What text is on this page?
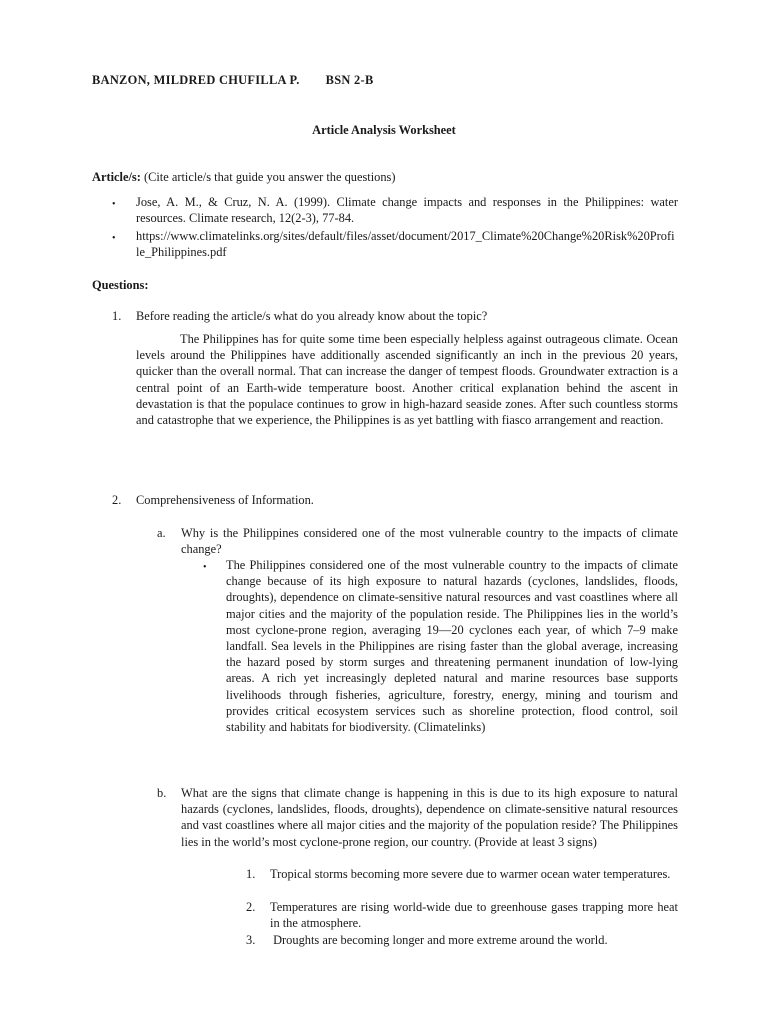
BANZON, MILDRED CHUFILLA P. BSN 2-B
Article Analysis Worksheet
Article/s: (Cite article/s that guide you answer the questions)
• Jose, A. M., & Cruz, N. A. (1999). Climate change impacts and responses in the Philippines: water resources. Climate research, 12(2-3), 77-84.
• https://www.climatelinks.org/sites/default/files/asset/document/2017_Climate%20Change%20Risk%20Profile_Philippines.pdf
Questions:
1. Before reading the article/s what do you already know about the topic?
The Philippines has for quite some time been especially helpless against outrageous climate. Ocean levels around the Philippines have additionally ascended significantly an inch in the previous 20 years, quicker than the overall normal. That can increase the danger of tempest floods. Groundwater extraction is a central point of an Earth-wide temperature boost. Another critical explanation behind the ascent in devastation is that the populace continues to grow in high-hazard seaside zones. After such countless storms and catastrophe that we experience, the Philippines is as yet battling with fiasco arrangement and reaction.
2. Comprehensiveness of Information.
a. Why is the Philippines considered one of the most vulnerable country to the impacts of climate change?
• The Philippines considered one of the most vulnerable country to the impacts of climate change because of its high exposure to natural hazards (cyclones, landslides, floods, droughts), dependence on climate-sensitive natural resources and vast coastlines where all major cities and the majority of the population reside. The Philippines lies in the world’s most cyclone-prone region, averaging 19—20 cyclones each year, of which 7–9 make landfall. Sea levels in the Philippines are rising faster than the global average, increasing the hazard posed by storm surges and threatening permanent inundation of low-lying areas. A rich yet increasingly depleted natural and marine resources base supports livelihoods through fisheries, agriculture, forestry, energy, mining and tourism and provides critical ecosystem services such as shoreline protection, flood control, soil stability and habitats for biodiversity. (Climatelinks)
b. What are the signs that climate change is happening in this is due to its high exposure to natural hazards (cyclones, landslides, floods, droughts), dependence on climate-sensitive natural resources and vast coastlines where all major cities and the majority of the population reside? The Philippines lies in the world’s most cyclone-prone region, our country. (Provide at least 3 signs)
1. Tropical storms becoming more severe due to warmer ocean water temperatures.
2. Temperatures are rising world-wide due to greenhouse gases trapping more heat in the atmosphere.
3. Droughts are becoming longer and more extreme around the world.
